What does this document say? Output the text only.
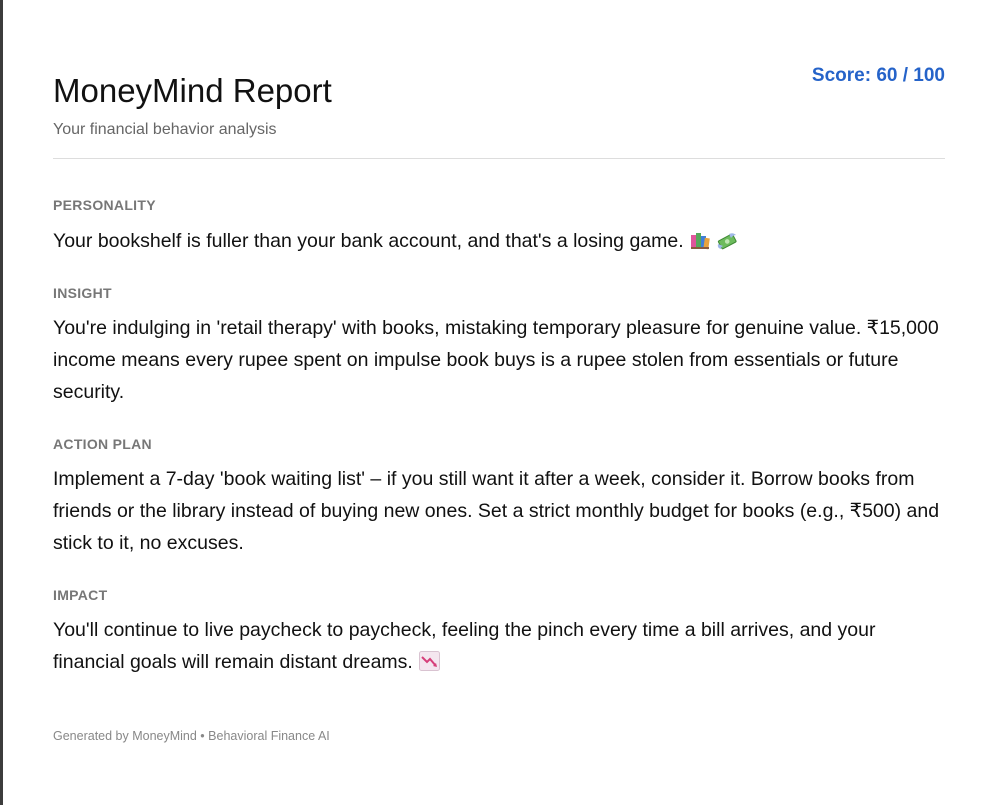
MoneyMind Report
Your financial behavior analysis
Score: 60 / 100
PERSONALITY

Your bookshelf is fuller than your bank account, and that's a losing game.

INSIGHT

You're indulging in 'retail therapy' with books, mistaking temporary pleasure for genuine value. ₹15,000 income means every rupee spent on impulse book buys is a rupee stolen from essentials or future security.

ACTION PLAN

Implement a 7-day 'book waiting list' – if you still want it after a week, consider it. Borrow books from friends or the library instead of buying new ones. Set a strict monthly budget for books (e.g., ₹500) and stick to it, no excuses.

IMPACT

You'll continue to live paycheck to paycheck, feeling the pinch every time a bill arrives, and your financial goals will remain distant dreams.

Generated by MoneyMind • Behavioral Finance AI
